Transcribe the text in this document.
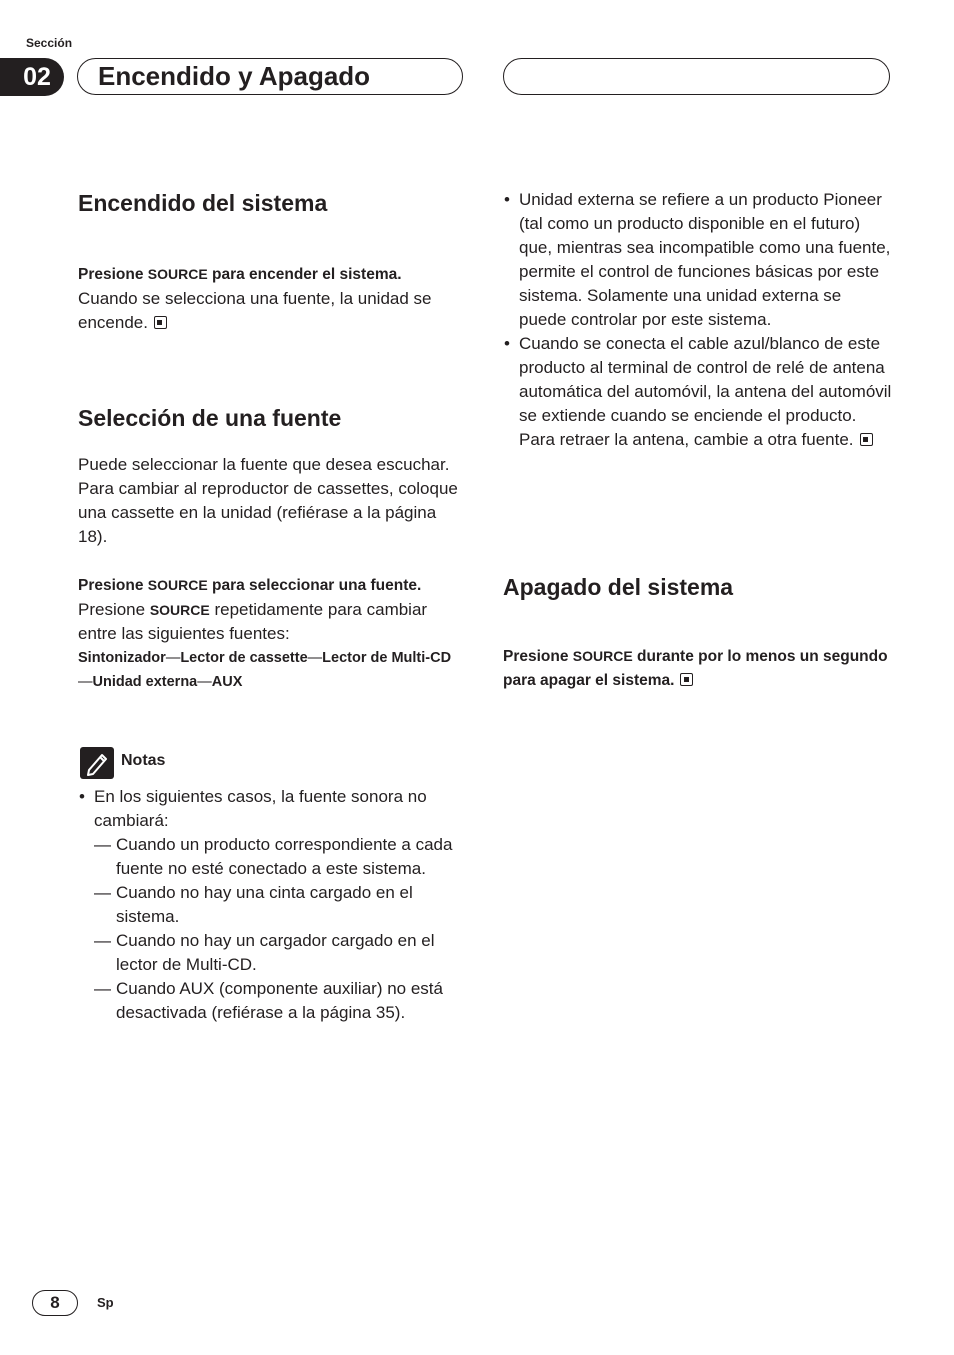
Sección
02	Encendido y Apagado
Encendido del sistema
Presione SOURCE para encender el sistema.
Cuando se selecciona una fuente, la unidad se encende.
Selección de una fuente
Puede seleccionar la fuente que desea escuchar. Para cambiar al reproductor de cassettes, coloque una cassette en la unidad (refiérase a la página 18).
Presione SOURCE para seleccionar una fuente.
Presione SOURCE repetidamente para cambiar entre las siguientes fuentes:
Sintonizador—Lector de cassette—Lector de Multi-CD—Unidad externa—AUX
Notas
• En los siguientes casos, la fuente sonora no cambiará:
— Cuando un producto correspondiente a cada fuente no esté conectado a este sistema.
— Cuando no hay una cinta cargado en el sistema.
— Cuando no hay un cargador cargado en el lector de Multi-CD.
— Cuando AUX (componente auxiliar) no está desactivada (refiérase a la página 35).
• Unidad externa se refiere a un producto Pioneer (tal como un producto disponible en el futuro) que, mientras sea incompatible como una fuente, permite el control de funciones básicas por este sistema. Solamente una unidad externa se puede controlar por este sistema.
• Cuando se conecta el cable azul/blanco de este producto al terminal de control de relé de antena automática del automóvil, la antena del automóvil se extiende cuando se enciende el producto. Para retraer la antena, cambie a otra fuente.
Apagado del sistema
Presione SOURCE durante por lo menos un segundo para apagar el sistema.
8	Sp
